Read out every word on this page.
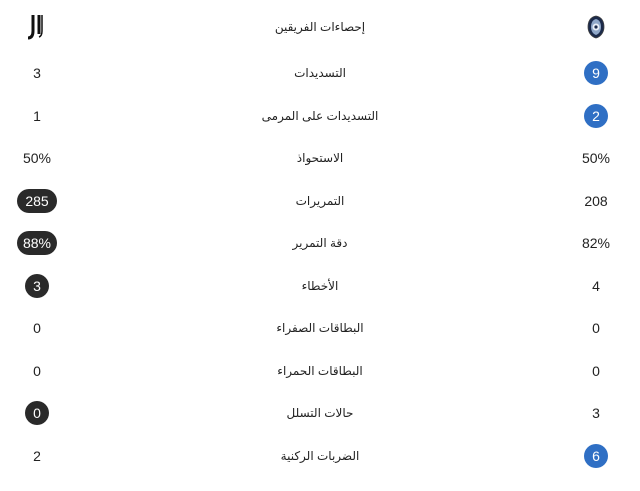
إحصاءات الفريقين
3	التسديدات	9
1	التسديدات على المرمى	2
50%	الاستحواذ	50%
285	التمريرات	208
88%	دقة التمرير	82%
3	الأخطاء	4
0	البطاقات الصفراء	0
0	البطاقات الحمراء	0
0	حالات التسلل	3
2	الضربات الركنية	6
